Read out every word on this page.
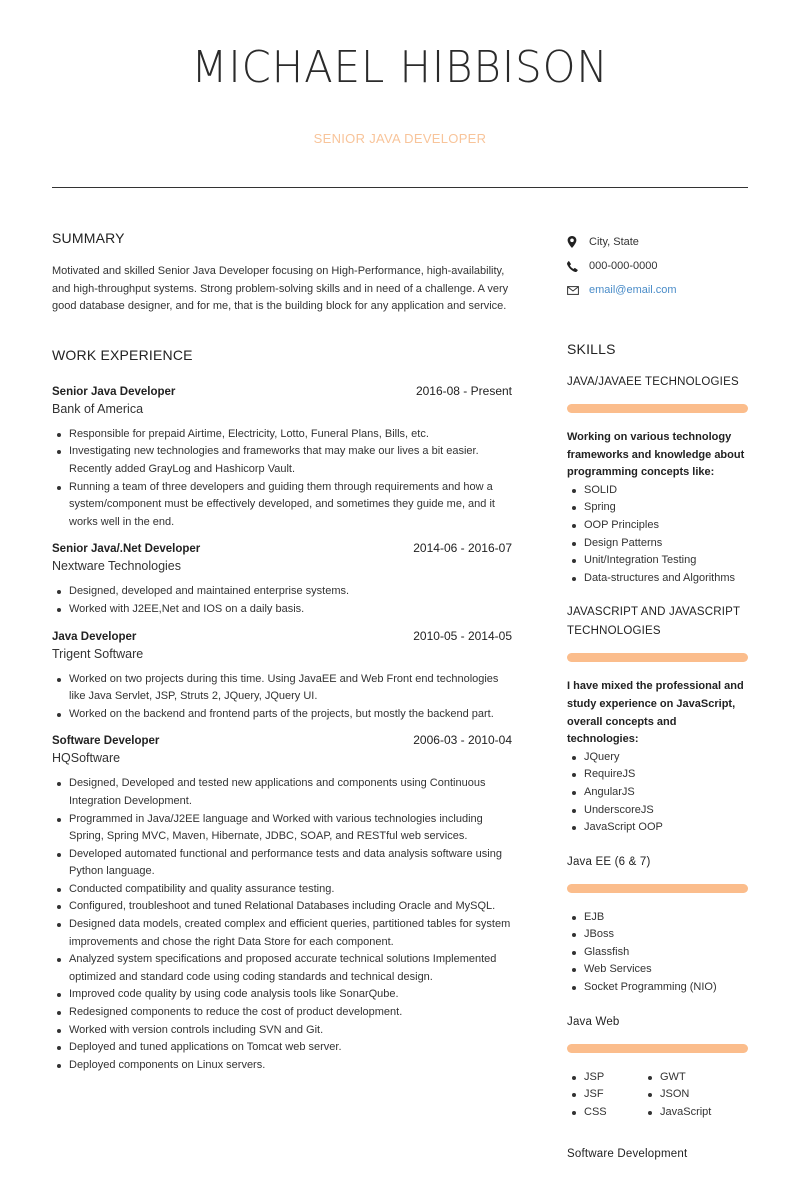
MICHAEL HIBBISON
SENIOR JAVA DEVELOPER
SUMMARY

Motivated and skilled Senior Java Developer focusing on High-Performance, high-availability, and high-throughput systems. Strong problem-solving skills and in need of a challenge. A very good database designer, and for me, that is the building block for any application and service.

WORK EXPERIENCE
Senior Java Developer	2016-08 - Present
Bank of America
Responsible for prepaid Airtime, Electricity, Lotto, Funeral Plans, Bills, etc.
Investigating new technologies and frameworks that may make our lives a bit easier. Recently added GrayLog and Hashicorp Vault.
Running a team of three developers and guiding them through requirements and how a system/component must be effectively developed, and sometimes they guide me, and it works well in the end.
Senior Java/.Net Developer	2014-06 - 2016-07
Nextware Technologies
Designed, developed and maintained enterprise systems.
Worked with J2EE,Net and IOS on a daily basis.
Java Developer	2010-05 - 2014-05
Trigent Software
Worked on two projects during this time. Using JavaEE and Web Front end technologies like Java Servlet, JSP, Struts 2, JQuery, JQuery UI.
Worked on the backend and frontend parts of the projects, but mostly the backend part.
Software Developer	2006-03 - 2010-04
HQSoftware
Designed, Developed and tested new applications and components using Continuous Integration Development.
Programmed in Java/J2EE language and Worked with various technologies including Spring, Spring MVC, Maven, Hibernate, JDBC, SOAP, and RESTful web services.
Developed automated functional and performance tests and data analysis software using Python language.
Conducted compatibility and quality assurance testing.
Configured, troubleshoot and tuned Relational Databases including Oracle and MySQL.
Designed data models, created complex and efficient queries, partitioned tables for system improvements and chose the right Data Store for each component.
Analyzed system specifications and proposed accurate technical solutions Implemented optimized and standard code using coding standards and technical design.
Improved code quality by using code analysis tools like SonarQube.
Redesigned components to reduce the cost of product development.
Worked with version controls including SVN and Git.
Deployed and tuned applications on Tomcat web server.
Deployed components on Linux servers.
City, State
000-000-0000
email@email.com
SKILLS
JAVA/JAVAEE TECHNOLOGIES
Working on various technology frameworks and knowledge about programming concepts like:
SOLID
Spring
OOP Principles
Design Patterns
Unit/Integration Testing
Data-structures and Algorithms
JAVASCRIPT AND JAVASCRIPT TECHNOLOGIES
I have mixed the professional and study experience on JavaScript, overall concepts and technologies:
JQuery
RequireJS
AngularJS
UnderscoreJS
JavaScript OOP
Java EE (6 & 7)
EJB
JBoss
Glassfish
Web Services
Socket Programming (NIO)
Java Web
JSP
JSF
CSS
GWT
JSON
JavaScript
Software Development
